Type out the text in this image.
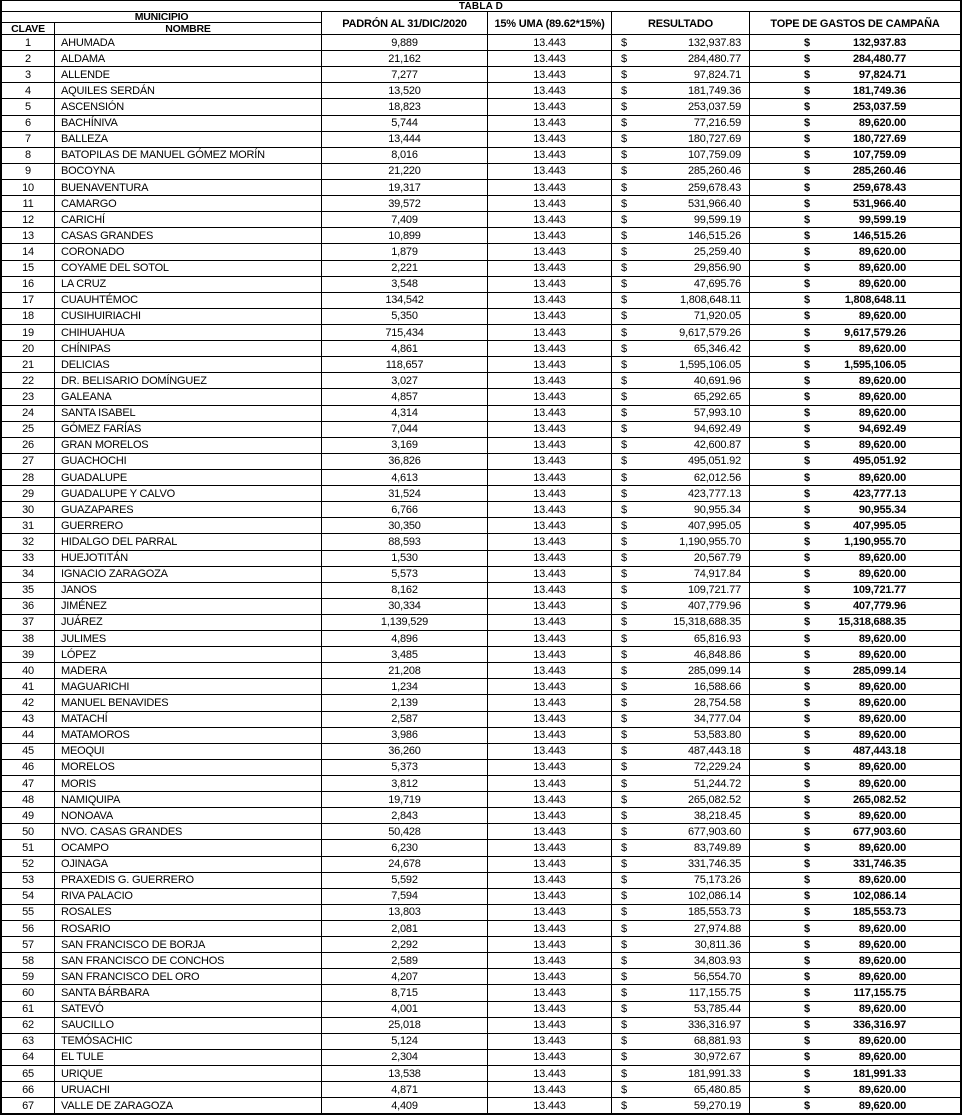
TABLA D
MUNICIPIO
CLAVE	NOMBRE	PADRÓN AL 31/DIC/2020	15% UMA (89.62*15%)	RESULTADO	TOPE DE GASTOS DE CAMPAÑA
1	AHUMADA	9,889	13.443	$	132,937.83	$	132,937.83
2	ALDAMA	21,162	13.443	$	284,480.77	$	284,480.77
3	ALLENDE	7,277	13.443	$	97,824.71	$	97,824.71
4	AQUILES SERDÁN	13,520	13.443	$	181,749.36	$	181,749.36
5	ASCENSIÓN	18,823	13.443	$	253,037.59	$	253,037.59
6	BACHÍNIVA	5,744	13.443	$	77,216.59	$	89,620.00
7	BALLEZA	13,444	13.443	$	180,727.69	$	180,727.69
8	BATOPILAS DE MANUEL GÓMEZ MORÍN	8,016	13.443	$	107,759.09	$	107,759.09
9	BOCOYNA	21,220	13.443	$	285,260.46	$	285,260.46
10	BUENAVENTURA	19,317	13.443	$	259,678.43	$	259,678.43
11	CAMARGO	39,572	13.443	$	531,966.40	$	531,966.40
12	CARICHÍ	7,409	13.443	$	99,599.19	$	99,599.19
13	CASAS GRANDES	10,899	13.443	$	146,515.26	$	146,515.26
14	CORONADO	1,879	13.443	$	25,259.40	$	89,620.00
15	COYAME DEL SOTOL	2,221	13.443	$	29,856.90	$	89,620.00
16	LA CRUZ	3,548	13.443	$	47,695.76	$	89,620.00
17	CUAUHTÉMOC	134,542	13.443	$	1,808,648.11	$	1,808,648.11
18	CUSIHUIRIACHI	5,350	13.443	$	71,920.05	$	89,620.00
19	CHIHUAHUA	715,434	13.443	$	9,617,579.26	$	9,617,579.26
20	CHÍNIPAS	4,861	13.443	$	65,346.42	$	89,620.00
21	DELICIAS	118,657	13.443	$	1,595,106.05	$	1,595,106.05
22	DR. BELISARIO DOMÍNGUEZ	3,027	13.443	$	40,691.96	$	89,620.00
23	GALEANA	4,857	13.443	$	65,292.65	$	89,620.00
24	SANTA ISABEL	4,314	13.443	$	57,993.10	$	89,620.00
25	GÓMEZ FARÍAS	7,044	13.443	$	94,692.49	$	94,692.49
26	GRAN MORELOS	3,169	13.443	$	42,600.87	$	89,620.00
27	GUACHOCHI	36,826	13.443	$	495,051.92	$	495,051.92
28	GUADALUPE	4,613	13.443	$	62,012.56	$	89,620.00
29	GUADALUPE Y CALVO	31,524	13.443	$	423,777.13	$	423,777.13
30	GUAZAPARES	6,766	13.443	$	90,955.34	$	90,955.34
31	GUERRERO	30,350	13.443	$	407,995.05	$	407,995.05
32	HIDALGO DEL PARRAL	88,593	13.443	$	1,190,955.70	$	1,190,955.70
33	HUEJOTITÁN	1,530	13.443	$	20,567.79	$	89,620.00
34	IGNACIO ZARAGOZA	5,573	13.443	$	74,917.84	$	89,620.00
35	JANOS	8,162	13.443	$	109,721.77	$	109,721.77
36	JIMÉNEZ	30,334	13.443	$	407,779.96	$	407,779.96
37	JUÁREZ	1,139,529	13.443	$	15,318,688.35	$	15,318,688.35
38	JULIMES	4,896	13.443	$	65,816.93	$	89,620.00
39	LÓPEZ	3,485	13.443	$	46,848.86	$	89,620.00
40	MADERA	21,208	13.443	$	285,099.14	$	285,099.14
41	MAGUARICHI	1,234	13.443	$	16,588.66	$	89,620.00
42	MANUEL BENAVIDES	2,139	13.443	$	28,754.58	$	89,620.00
43	MATACHÍ	2,587	13.443	$	34,777.04	$	89,620.00
44	MATAMOROS	3,986	13.443	$	53,583.80	$	89,620.00
45	MEOQUI	36,260	13.443	$	487,443.18	$	487,443.18
46	MORELOS	5,373	13.443	$	72,229.24	$	89,620.00
47	MORIS	3,812	13.443	$	51,244.72	$	89,620.00
48	NAMIQUIPA	19,719	13.443	$	265,082.52	$	265,082.52
49	NONOAVA	2,843	13.443	$	38,218.45	$	89,620.00
50	NVO. CASAS GRANDES	50,428	13.443	$	677,903.60	$	677,903.60
51	OCAMPO	6,230	13.443	$	83,749.89	$	89,620.00
52	OJINAGA	24,678	13.443	$	331,746.35	$	331,746.35
53	PRAXEDIS G. GUERRERO	5,592	13.443	$	75,173.26	$	89,620.00
54	RIVA PALACIO	7,594	13.443	$	102,086.14	$	102,086.14
55	ROSALES	13,803	13.443	$	185,553.73	$	185,553.73
56	ROSARIO	2,081	13.443	$	27,974.88	$	89,620.00
57	SAN FRANCISCO DE BORJA	2,292	13.443	$	30,811.36	$	89,620.00
58	SAN FRANCISCO DE CONCHOS	2,589	13.443	$	34,803.93	$	89,620.00
59	SAN FRANCISCO DEL ORO	4,207	13.443	$	56,554.70	$	89,620.00
60	SANTA BÁRBARA	8,715	13.443	$	117,155.75	$	117,155.75
61	SATEVÓ	4,001	13.443	$	53,785.44	$	89,620.00
62	SAUCILLO	25,018	13.443	$	336,316.97	$	336,316.97
63	TEMÓSACHIC	5,124	13.443	$	68,881.93	$	89,620.00
64	EL TULE	2,304	13.443	$	30,972.67	$	89,620.00
65	URIQUE	13,538	13.443	$	181,991.33	$	181,991.33
66	URUACHI	4,871	13.443	$	65,480.85	$	89,620.00
67	VALLE DE ZARAGOZA	4,409	13.443	$	59,270.19	$	89,620.00
